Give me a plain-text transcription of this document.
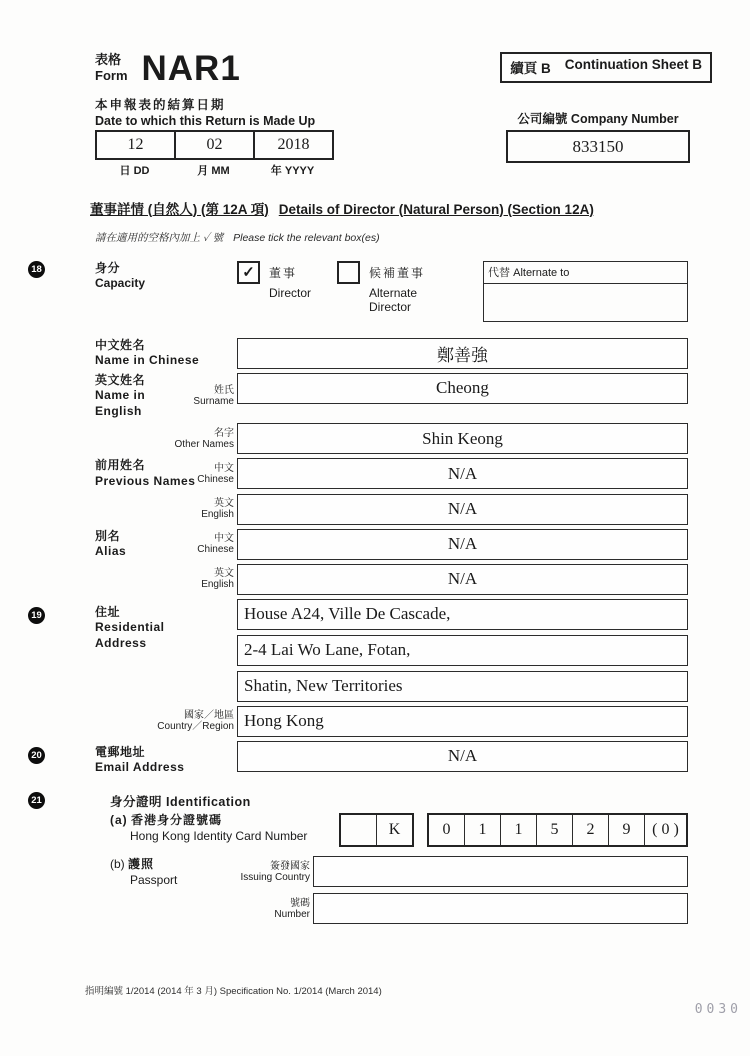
表格
Form NAR1
本申報表的結算日期
Date to which this Return is Made Up
12	02	2018
日 DD	月 MM	年 YYYY
續頁 B Continuation Sheet B
公司編號 Company Number
833150
董事詳情 (自然人) (第 12A 項) Details of Director (Natural Person) (Section 12A)
請在適用的空格內加上 ✓ 號 Please tick the relevant box(es)
18	身分
Capacity
✓ 董事
Director
候補董事
Alternate Director
代替 Alternate to
中文姓名
Name in Chinese	鄭善強
英文姓名
Name in English
姓氏
Surname
Cheong
名字
Other Names	Shin Keong
前用姓名
Previous Names
中文
Chinese	N/A
英文
English	N/A
別名
Alias
中文
Chinese	N/A
英文
English	N/A
19	住址
Residential
Address
House A24, Ville De Cascade,
2-4 Lai Wo Lane, Fotan,
Shatin, New Territories
國家／地區
Country／Region Hong Kong
20	電郵地址
Email Address
N/A
21	身分證明 Identification
(a) 香港身分證號碼
Hong Kong Identity Card Number	K	0	1	1	5	2	9	( 0 )
(b) 護照
Passport
簽發國家
Issuing Country
號碼
Number
指明編號 1/2014 (2014 年 3 月) Specification No. 1/2014 (March 2014)
0030
